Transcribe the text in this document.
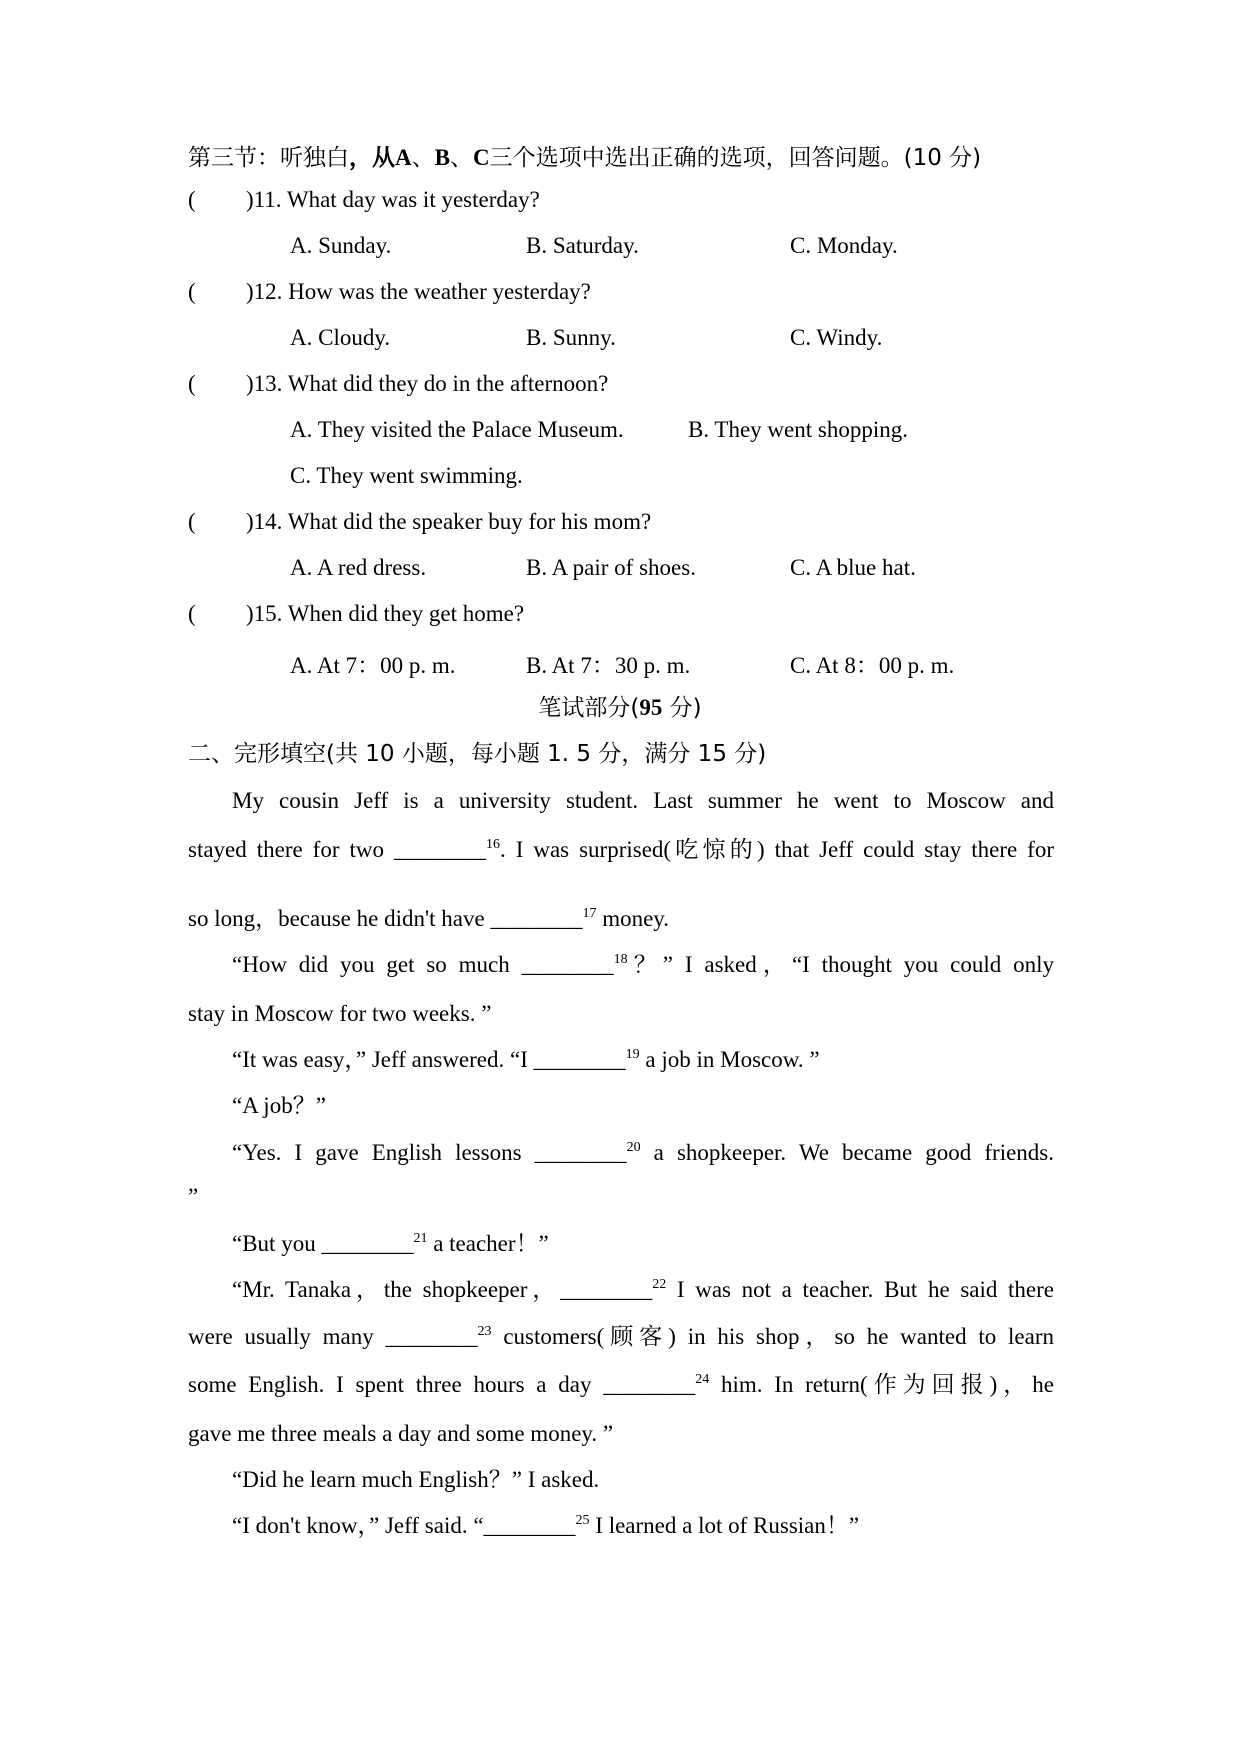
第三节：听独白，从A、B、C三个选项中选出正确的选项，回答问题。(10 分)
( )11. What day was it yesterday?
A. Sunday.	B. Saturday.	C. Monday.
( )12. How was the weather yesterday?
A. Cloudy.	B. Sunny.	C. Windy.
( )13. What did they do in the afternoon?
A. They visited the Palace Museum.	B. They went shopping.
C. They went swimming.
( )14. What did the speaker buy for his mom?
A. A red dress.	B. A pair of shoes.	C. A blue hat.
( )15. When did they get home?
A. At 7：00 p. m.	B. At 7：30 p. m.	C. At 8：00 p. m.
笔试部分(95 分)
二、完形填空(共 10 小题，每小题 1. 5 分，满分 15 分)
My cousin Jeff is a university student. Last summer he went to Moscow and
stayed there for two ________$^{16}$. I was surprised(吃惊的) that Jeff could stay there for
so long，because he didn't have ________$^{17}$ money.
“How did you get so much ________$^{18}$？” I asked，“I thought you could only
stay in Moscow for two weeks. ”
“It was easy，” Jeff answered. “I ________$^{19}$ a job in Moscow. ”
“A job？”
“Yes. I gave English lessons ________$^{20}$ a shopkeeper. We became good friends.
”
“But you ________$^{21}$ a teacher！”
“Mr. Tanaka，the shopkeeper，________$^{22}$ I was not a teacher. But he said there
were usually many ________$^{23}$ customers(顾客) in his shop，so he wanted to learn
some English. I spent three hours a day ________$^{24}$ him. In return(作为回报)，he
gave me three meals a day and some money. ”
“Did he learn much English？” I asked.
“I don't know，” Jeff said. “________$^{25}$ I learned a lot of Russian！”
